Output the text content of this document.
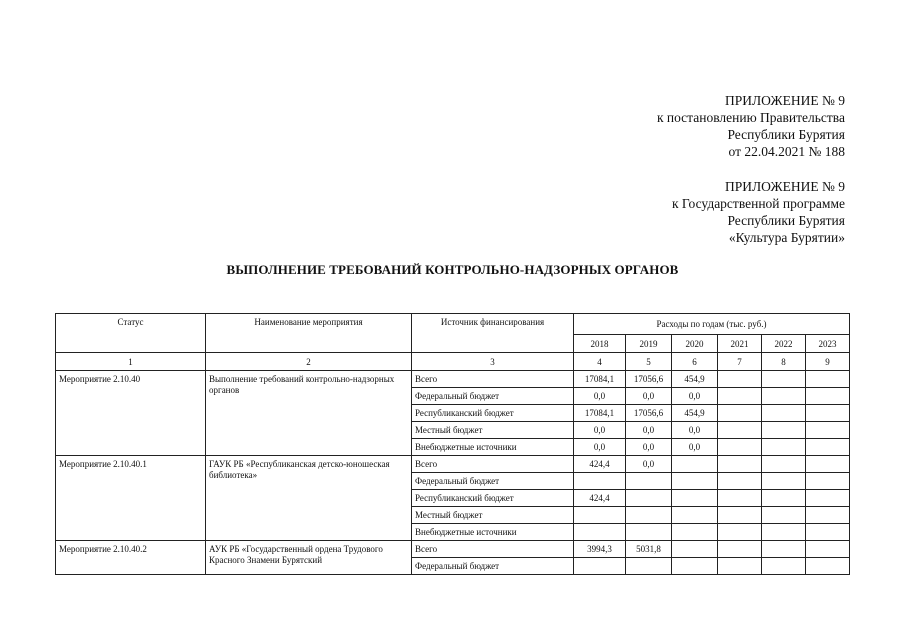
ПРИЛОЖЕНИЕ № 9
к постановлению Правительства
Республики Бурятия
от 22.04.2021 № 188
ПРИЛОЖЕНИЕ № 9
к Государственной программе
Республики Бурятия
«Культура Бурятии»
ВЫПОЛНЕНИЕ ТРЕБОВАНИЙ КОНТРОЛЬНО-НАДЗОРНЫХ ОРГАНОВ
Статус	Наименование мероприятия	Источник финансирования	Расходы по годам (тыс. руб.)					
			2018	2019	2020	2021	2022	2023
1	2	3	4	5	6	7	8	9
Мероприятие 2.10.40	Выполнение требований контрольно-надзорных органов	Всего	17084,1	17056,6	454,9			
		Федеральный бюджет	0,0	0,0	0,0			
		Республиканский бюджет	17084,1	17056,6	454,9			
		Местный бюджет	0,0	0,0	0,0			
		Внебюджетные источники	0,0	0,0	0,0			
Мероприятие 2.10.40.1	ГАУК РБ «Республиканская детско-юношеская библиотека»	Всего	424,4	0,0				
		Федеральный бюджет						
		Республиканский бюджет	424,4					
		Местный бюджет						
		Внебюджетные источники						
Мероприятие 2.10.40.2	АУК РБ «Государственный ордена Трудового Красного Знамени Бурятский	Всего	3994,3	5031,8				
		Федеральный бюджет						
